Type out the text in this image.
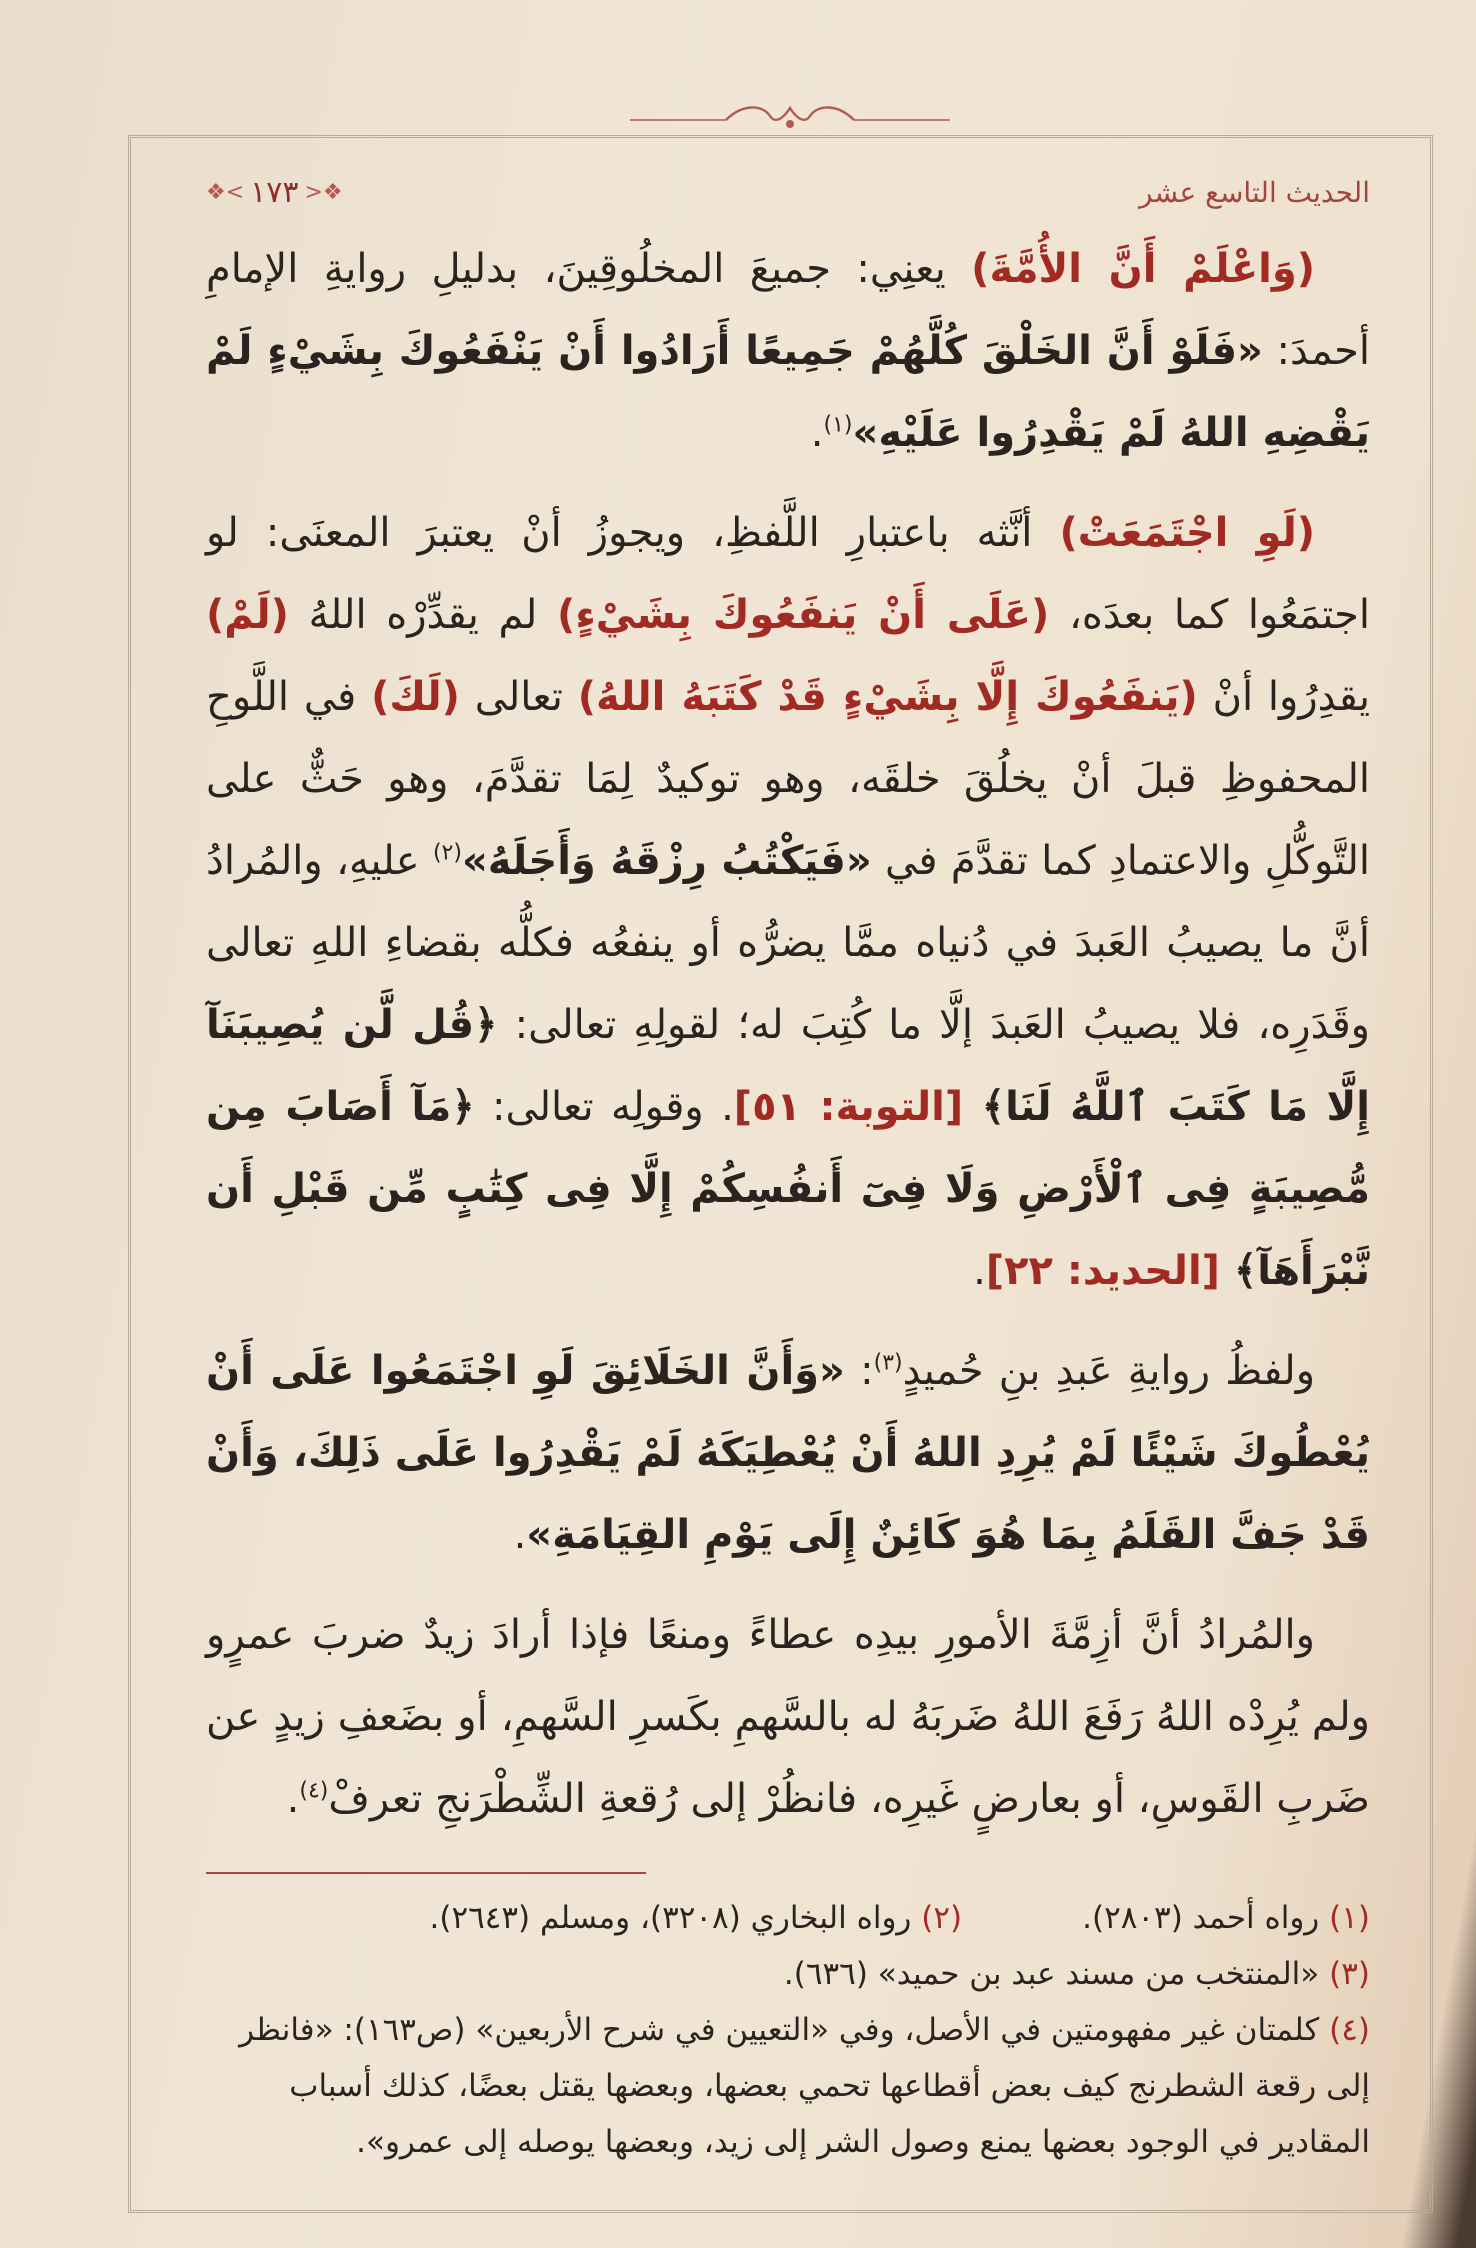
الحديث التاسع عشر
❖< ١٧٣ >❖

(وَاعْلَمْ أَنَّ الأُمَّةَ) يعنِي: جميعَ المخلُوقِينَ، بدليلِ روايةِ الإمامِ أحمدَ: «فَلَوْ أَنَّ الخَلْقَ كُلَّهُمْ جَمِيعًا أَرَادُوا أَنْ يَنْفَعُوكَ بِشَيْءٍ لَمْ يَقْضِهِ اللهُ لَمْ يَقْدِرُوا عَلَيْهِ»$^{(١)}$.

(لَوِ اجْتَمَعَتْ) أنَّثه باعتبارِ اللَّفظِ، ويجوزُ أنْ يعتبرَ المعنَى: لو اجتمَعُوا كما بعدَه، (عَلَى أَنْ يَنفَعُوكَ بِشَيْءٍ) لم يقدِّرْه اللهُ (لَمْ) يقدِرُوا أنْ (يَنفَعُوكَ إِلَّا بِشَيْءٍ قَدْ كَتَبَهُ اللهُ) تعالى (لَكَ) في اللَّوحِ المحفوظِ قبلَ أنْ يخلُقَ خلقَه، وهو توكيدٌ لِمَا تقدَّمَ، وهو حَثٌّ على التَّوكُّلِ والاعتمادِ كما تقدَّمَ في «فَيَكْتُبُ رِزْقَهُ وَأَجَلَهُ»$^{(٢)}$ عليهِ، والمُرادُ أنَّ ما يصيبُ العَبدَ في دُنياه ممَّا يضرُّه أو ينفعُه فكلُّه بقضاءِ اللهِ تعالى وقَدَرِه، فلا يصيبُ العَبدَ إلَّا ما كُتِبَ له؛ لقولِهِ تعالى: ﴿قُل لَّن يُصِيبَنَآ إِلَّا مَا كَتَبَ ٱللَّهُ لَنَا﴾ [التوبة: ٥١]. وقولِه تعالى: ﴿مَآ أَصَابَ مِن مُّصِيبَةٍ فِى ٱلْأَرْضِ وَلَا فِىٓ أَنفُسِكُمْ إِلَّا فِى كِتَٰبٍ مِّن قَبْلِ أَن نَّبْرَأَهَآ﴾ [الحديد: ٢٢].

ولفظُ روايةِ عَبدِ بنِ حُميدٍ$^{(٣)}$: «وَأَنَّ الخَلَائِقَ لَوِ اجْتَمَعُوا عَلَى أَنْ يُعْطُوكَ شَيْئًا لَمْ يُرِدِ اللهُ أَنْ يُعْطِيَكَهُ لَمْ يَقْدِرُوا عَلَى ذَلِكَ، وَأَنْ قَدْ جَفَّ القَلَمُ بِمَا هُوَ كَائِنٌ إِلَى يَوْمِ القِيَامَةِ».

والمُرادُ أنَّ أزِمَّةَ الأمورِ بيدِه عطاءً ومنعًا فإذا أرادَ زيدٌ ضربَ عمرٍو ولم يُرِدْه اللهُ رَفَعَ اللهُ ضَربَهُ له بالسَّهمِ بكَسرِ السَّهمِ، أو بضَعفِ زيدٍ عن ضَربِ القَوسِ، أو بعارضٍ غَيرِه، فانظُرْ إلى رُقعةِ الشِّطْرَنجِ تعرفْ$^{(٤)}$.

(١) رواه أحمد (٢٨٠٣).
(٢) رواه البخاري (٣٢٠٨)، ومسلم (٢٦٤٣).
(٣) «المنتخب من مسند عبد بن حميد» (٦٣٦).
(٤) كلمتان غير مفهومتين في الأصل، وفي «التعيين في شرح الأربعين» (ص١٦٣): «فانظر إلى رقعة الشطرنج كيف بعض أقطاعها تحمي بعضها، وبعضها يقتل بعضًا، كذلك أسباب المقادير في الوجود بعضها يمنع وصول الشر إلى زيد، وبعضها يوصله إلى عمرو».
